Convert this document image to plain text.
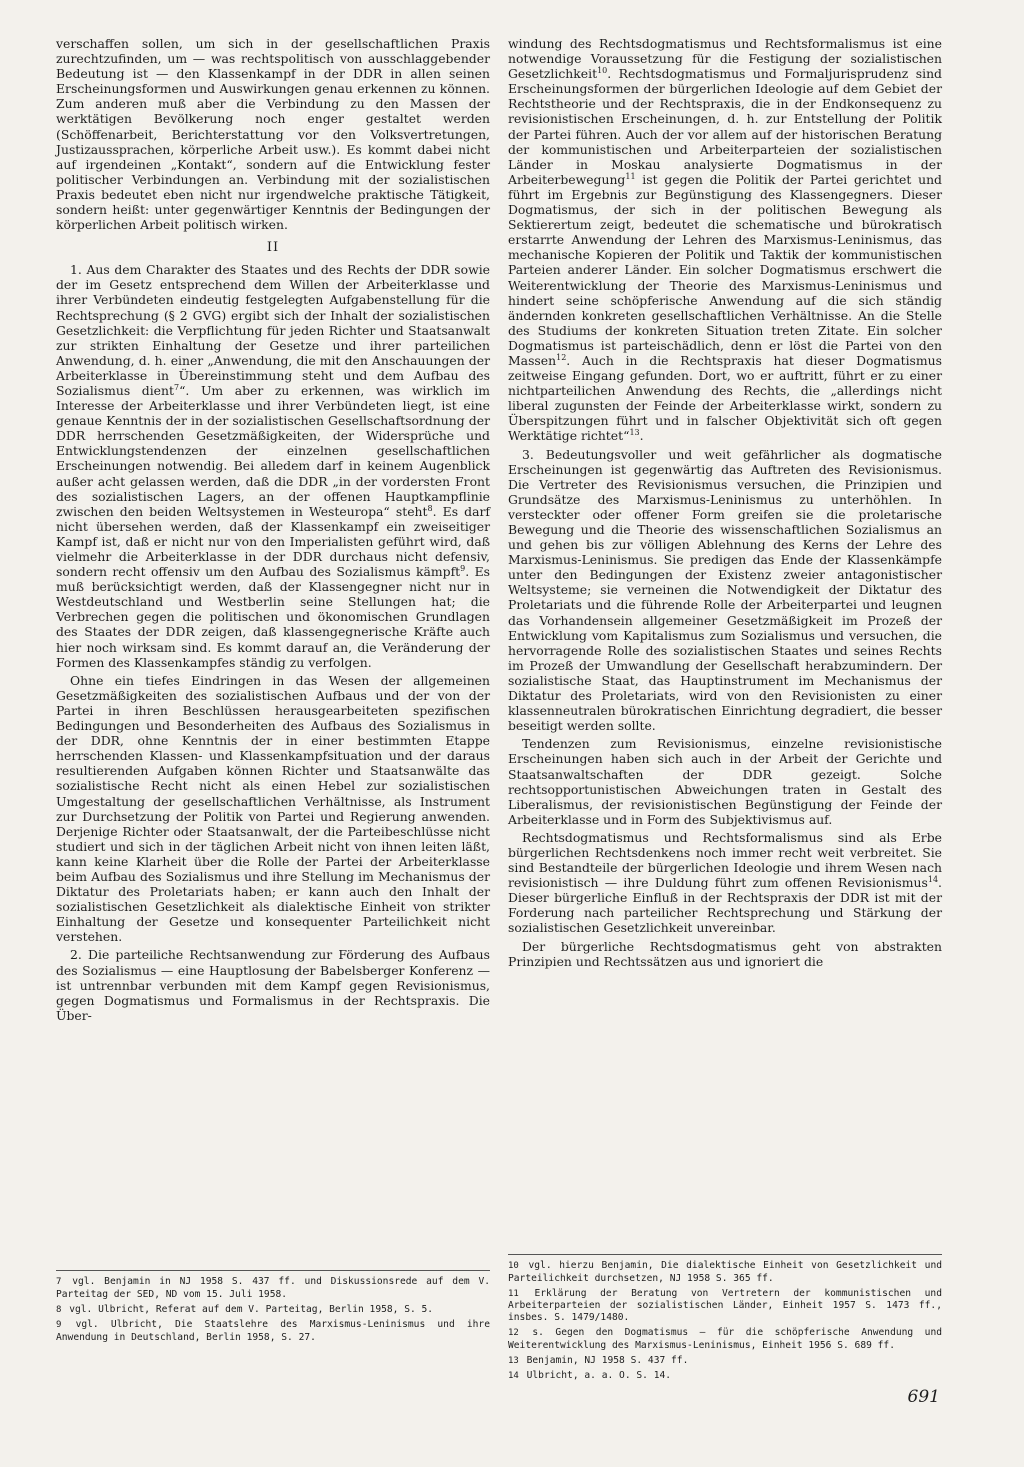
verschaffen sollen, um sich in der gesellschaftlichen Praxis zurechtzufinden, um — was rechtspolitisch von ausschlaggebender Bedeutung ist — den Klassenkampf in der DDR in allen seinen Erscheinungsformen und Auswirkungen genau erkennen zu können. Zum anderen muß aber die Verbindung zu den Massen der werktätigen Bevölkerung noch enger gestaltet werden (Schöffenarbeit, Berichterstattung vor den Volksvertretungen, Justizaussprachen, körperliche Arbeit usw.). Es kommt dabei nicht auf irgendeinen „Kontakt“, sondern auf die Entwicklung fester politischer Verbindungen an. Verbindung mit der sozialistischen Praxis bedeutet eben nicht nur irgendwelche praktische Tätigkeit, sondern heißt: unter gegenwärtiger Kenntnis der Bedingungen der körperlichen Arbeit politisch wirken.

II

1. Aus dem Charakter des Staates und des Rechts der DDR sowie der im Gesetz entsprechend dem Willen der Arbeiterklasse und ihrer Verbündeten eindeutig festgelegten Aufgabenstellung für die Rechtsprechung (§ 2 GVG) ergibt sich der Inhalt der sozialistischen Gesetzlichkeit: die Verpflichtung für jeden Richter und Staatsanwalt zur strikten Einhaltung der Gesetze und ihrer parteilichen Anwendung, d. h. einer „Anwendung, die mit den Anschauungen der Arbeiterklasse in Übereinstimmung steht und dem Aufbau des Sozialismus dient$^7$“. Um aber zu erkennen, was wirklich im Interesse der Arbeiterklasse und ihrer Verbündeten liegt, ist eine genaue Kenntnis der in der sozialistischen Gesellschaftsordnung der DDR herrschenden Gesetzmäßigkeiten, der Widersprüche und Entwicklungstendenzen der einzelnen gesellschaftlichen Erscheinungen notwendig. Bei alledem darf in keinem Augenblick außer acht gelassen werden, daß die DDR „in der vordersten Front des sozialistischen Lagers, an der offenen Hauptkampflinie zwischen den beiden Weltsystemen in Westeuropa“ steht$^8$. Es darf nicht übersehen werden, daß der Klassenkampf ein zweiseitiger Kampf ist, daß er nicht nur von den Imperialisten geführt wird, daß vielmehr die Arbeiterklasse in der DDR durchaus nicht defensiv, sondern recht offensiv um den Aufbau des Sozialismus kämpft$^9$. Es muß berücksichtigt werden, daß der Klassengegner nicht nur in Westdeutschland und Westberlin seine Stellungen hat; die Verbrechen gegen die politischen und ökonomischen Grundlagen des Staates der DDR zeigen, daß klassengegnerische Kräfte auch hier noch wirksam sind. Es kommt darauf an, die Veränderung der Formen des Klassenkampfes ständig zu verfolgen.

Ohne ein tiefes Eindringen in das Wesen der allgemeinen Gesetzmäßigkeiten des sozialistischen Aufbaus und der von der Partei in ihren Beschlüssen herausgearbeiteten spezifischen Bedingungen und Besonderheiten des Aufbaus des Sozialismus in der DDR, ohne Kenntnis der in einer bestimmten Etappe herrschenden Klassen- und Klassenkampfsituation und der daraus resultierenden Aufgaben können Richter und Staatsanwälte das sozialistische Recht nicht als einen Hebel zur sozialistischen Umgestaltung der gesellschaftlichen Verhältnisse, als Instrument zur Durchsetzung der Politik von Partei und Regierung anwenden. Derjenige Richter oder Staatsanwalt, der die Parteibeschlüsse nicht studiert und sich in der täglichen Arbeit nicht von ihnen leiten läßt, kann keine Klarheit über die Rolle der Partei der Arbeiterklasse beim Aufbau des Sozialismus und ihre Stellung im Mechanismus der Diktatur des Proletariats haben; er kann auch den Inhalt der sozialistischen Gesetzlichkeit als dialektische Einheit von strikter Einhaltung der Gesetze und konsequenter Parteilichkeit nicht verstehen.

2. Die parteiliche Rechtsanwendung zur Förderung des Aufbaus des Sozialismus — eine Hauptlosung der Babelsberger Konferenz — ist untrennbar verbunden mit dem Kampf gegen Revisionismus, gegen Dogmatismus und Formalismus in der Rechtspraxis. Die Über-

7 vgl. Benjamin in NJ 1958 S. 437 ff. und Diskussionsrede auf dem V. Parteitag der SED, ND vom 15. Juli 1958.

8 vgl. Ulbricht, Referat auf dem V. Parteitag, Berlin 1958, S. 5.

9 vgl. Ulbricht, Die Staatslehre des Marxismus-Leninismus und ihre Anwendung in Deutschland, Berlin 1958, S. 27.

windung des Rechtsdogmatismus und Rechtsformalismus ist eine notwendige Voraussetzung für die Festigung der sozialistischen Gesetzlichkeit$^{10}$. Rechtsdogmatismus und Formaljurisprudenz sind Erscheinungsformen der bürgerlichen Ideologie auf dem Gebiet der Rechtstheorie und der Rechtspraxis, die in der Endkonsequenz zu revisionistischen Erscheinungen, d. h. zur Entstellung der Politik der Partei führen. Auch der vor allem auf der historischen Beratung der kommunistischen und Arbeiterparteien der sozialistischen Länder in Moskau analysierte Dogmatismus in der Arbeiterbewegung$^{11}$ ist gegen die Politik der Partei gerichtet und führt im Ergebnis zur Begünstigung des Klassengegners. Dieser Dogmatismus, der sich in der politischen Bewegung als Sektierertum zeigt, bedeutet die schematische und bürokratisch erstarrte Anwendung der Lehren des Marxismus-Leninismus, das mechanische Kopieren der Politik und Taktik der kommunistischen Parteien anderer Länder. Ein solcher Dogmatismus erschwert die Weiterentwicklung der Theorie des Marxismus-Leninismus und hindert seine schöpferische Anwendung auf die sich ständig ändernden konkreten gesellschaftlichen Verhältnisse. An die Stelle des Studiums der konkreten Situation treten Zitate. Ein solcher Dogmatismus ist parteischädlich, denn er löst die Partei von den Massen$^{12}$. Auch in die Rechtspraxis hat dieser Dogmatismus zeitweise Eingang gefunden. Dort, wo er auftritt, führt er zu einer nichtparteilichen Anwendung des Rechts, die „allerdings nicht liberal zugunsten der Feinde der Arbeiterklasse wirkt, sondern zu Überspitzungen führt und in falscher Objektivität sich oft gegen Werktätige richtet“$^{13}$.

3. Bedeutungsvoller und weit gefährlicher als dogmatische Erscheinungen ist gegenwärtig das Auftreten des Revisionismus. Die Vertreter des Revisionismus versuchen, die Prinzipien und Grundsätze des Marxismus-Leninismus zu unterhöhlen. In versteckter oder offener Form greifen sie die proletarische Bewegung und die Theorie des wissenschaftlichen Sozialismus an und gehen bis zur völligen Ablehnung des Kerns der Lehre des Marxismus-Leninismus. Sie predigen das Ende der Klassenkämpfe unter den Bedingungen der Existenz zweier antagonistischer Weltsysteme; sie verneinen die Notwendigkeit der Diktatur des Proletariats und die führende Rolle der Arbeiterpartei und leugnen das Vorhandensein allgemeiner Gesetzmäßigkeit im Prozeß der Entwicklung vom Kapitalismus zum Sozialismus und versuchen, die hervorragende Rolle des sozialistischen Staates und seines Rechts im Prozeß der Umwandlung der Gesellschaft herabzumindern. Der sozialistische Staat, das Hauptinstrument im Mechanismus der Diktatur des Proletariats, wird von den Revisionisten zu einer klassenneutralen bürokratischen Einrichtung degradiert, die besser beseitigt werden sollte.

Tendenzen zum Revisionismus, einzelne revisionistische Erscheinungen haben sich auch in der Arbeit der Gerichte und Staatsanwaltschaften der DDR gezeigt. Solche rechtsopportunistischen Abweichungen traten in Gestalt des Liberalismus, der revisionistischen Begünstigung der Feinde der Arbeiterklasse und in Form des Subjektivismus auf.

Rechtsdogmatismus und Rechtsformalismus sind als Erbe bürgerlichen Rechtsdenkens noch immer recht weit verbreitet. Sie sind Bestandteile der bürgerlichen Ideologie und ihrem Wesen nach revisionistisch — ihre Duldung führt zum offenen Revisionismus$^{14}$. Dieser bürgerliche Einfluß in der Rechtspraxis der DDR ist mit der Forderung nach parteilicher Rechtsprechung und Stärkung der sozialistischen Gesetzlichkeit unvereinbar.

Der bürgerliche Rechtsdogmatismus geht von abstrakten Prinzipien und Rechtssätzen aus und ignoriert die

10 vgl. hierzu Benjamin, Die dialektische Einheit von Gesetzlichkeit und Parteilichkeit durchsetzen, NJ 1958 S. 365 ff.

11 Erklärung der Beratung von Vertretern der kommunistischen und Arbeiterparteien der sozialistischen Länder, Einheit 1957 S. 1473 ff., insbes. S. 1479/1480.

12 s. Gegen den Dogmatismus — für die schöpferische Anwendung und Weiterentwicklung des Marxismus-Leninismus, Einheit 1956 S. 689 ff.

13 Benjamin, NJ 1958 S. 437 ff.

14 Ulbricht, a. a. O. S. 14.

691
